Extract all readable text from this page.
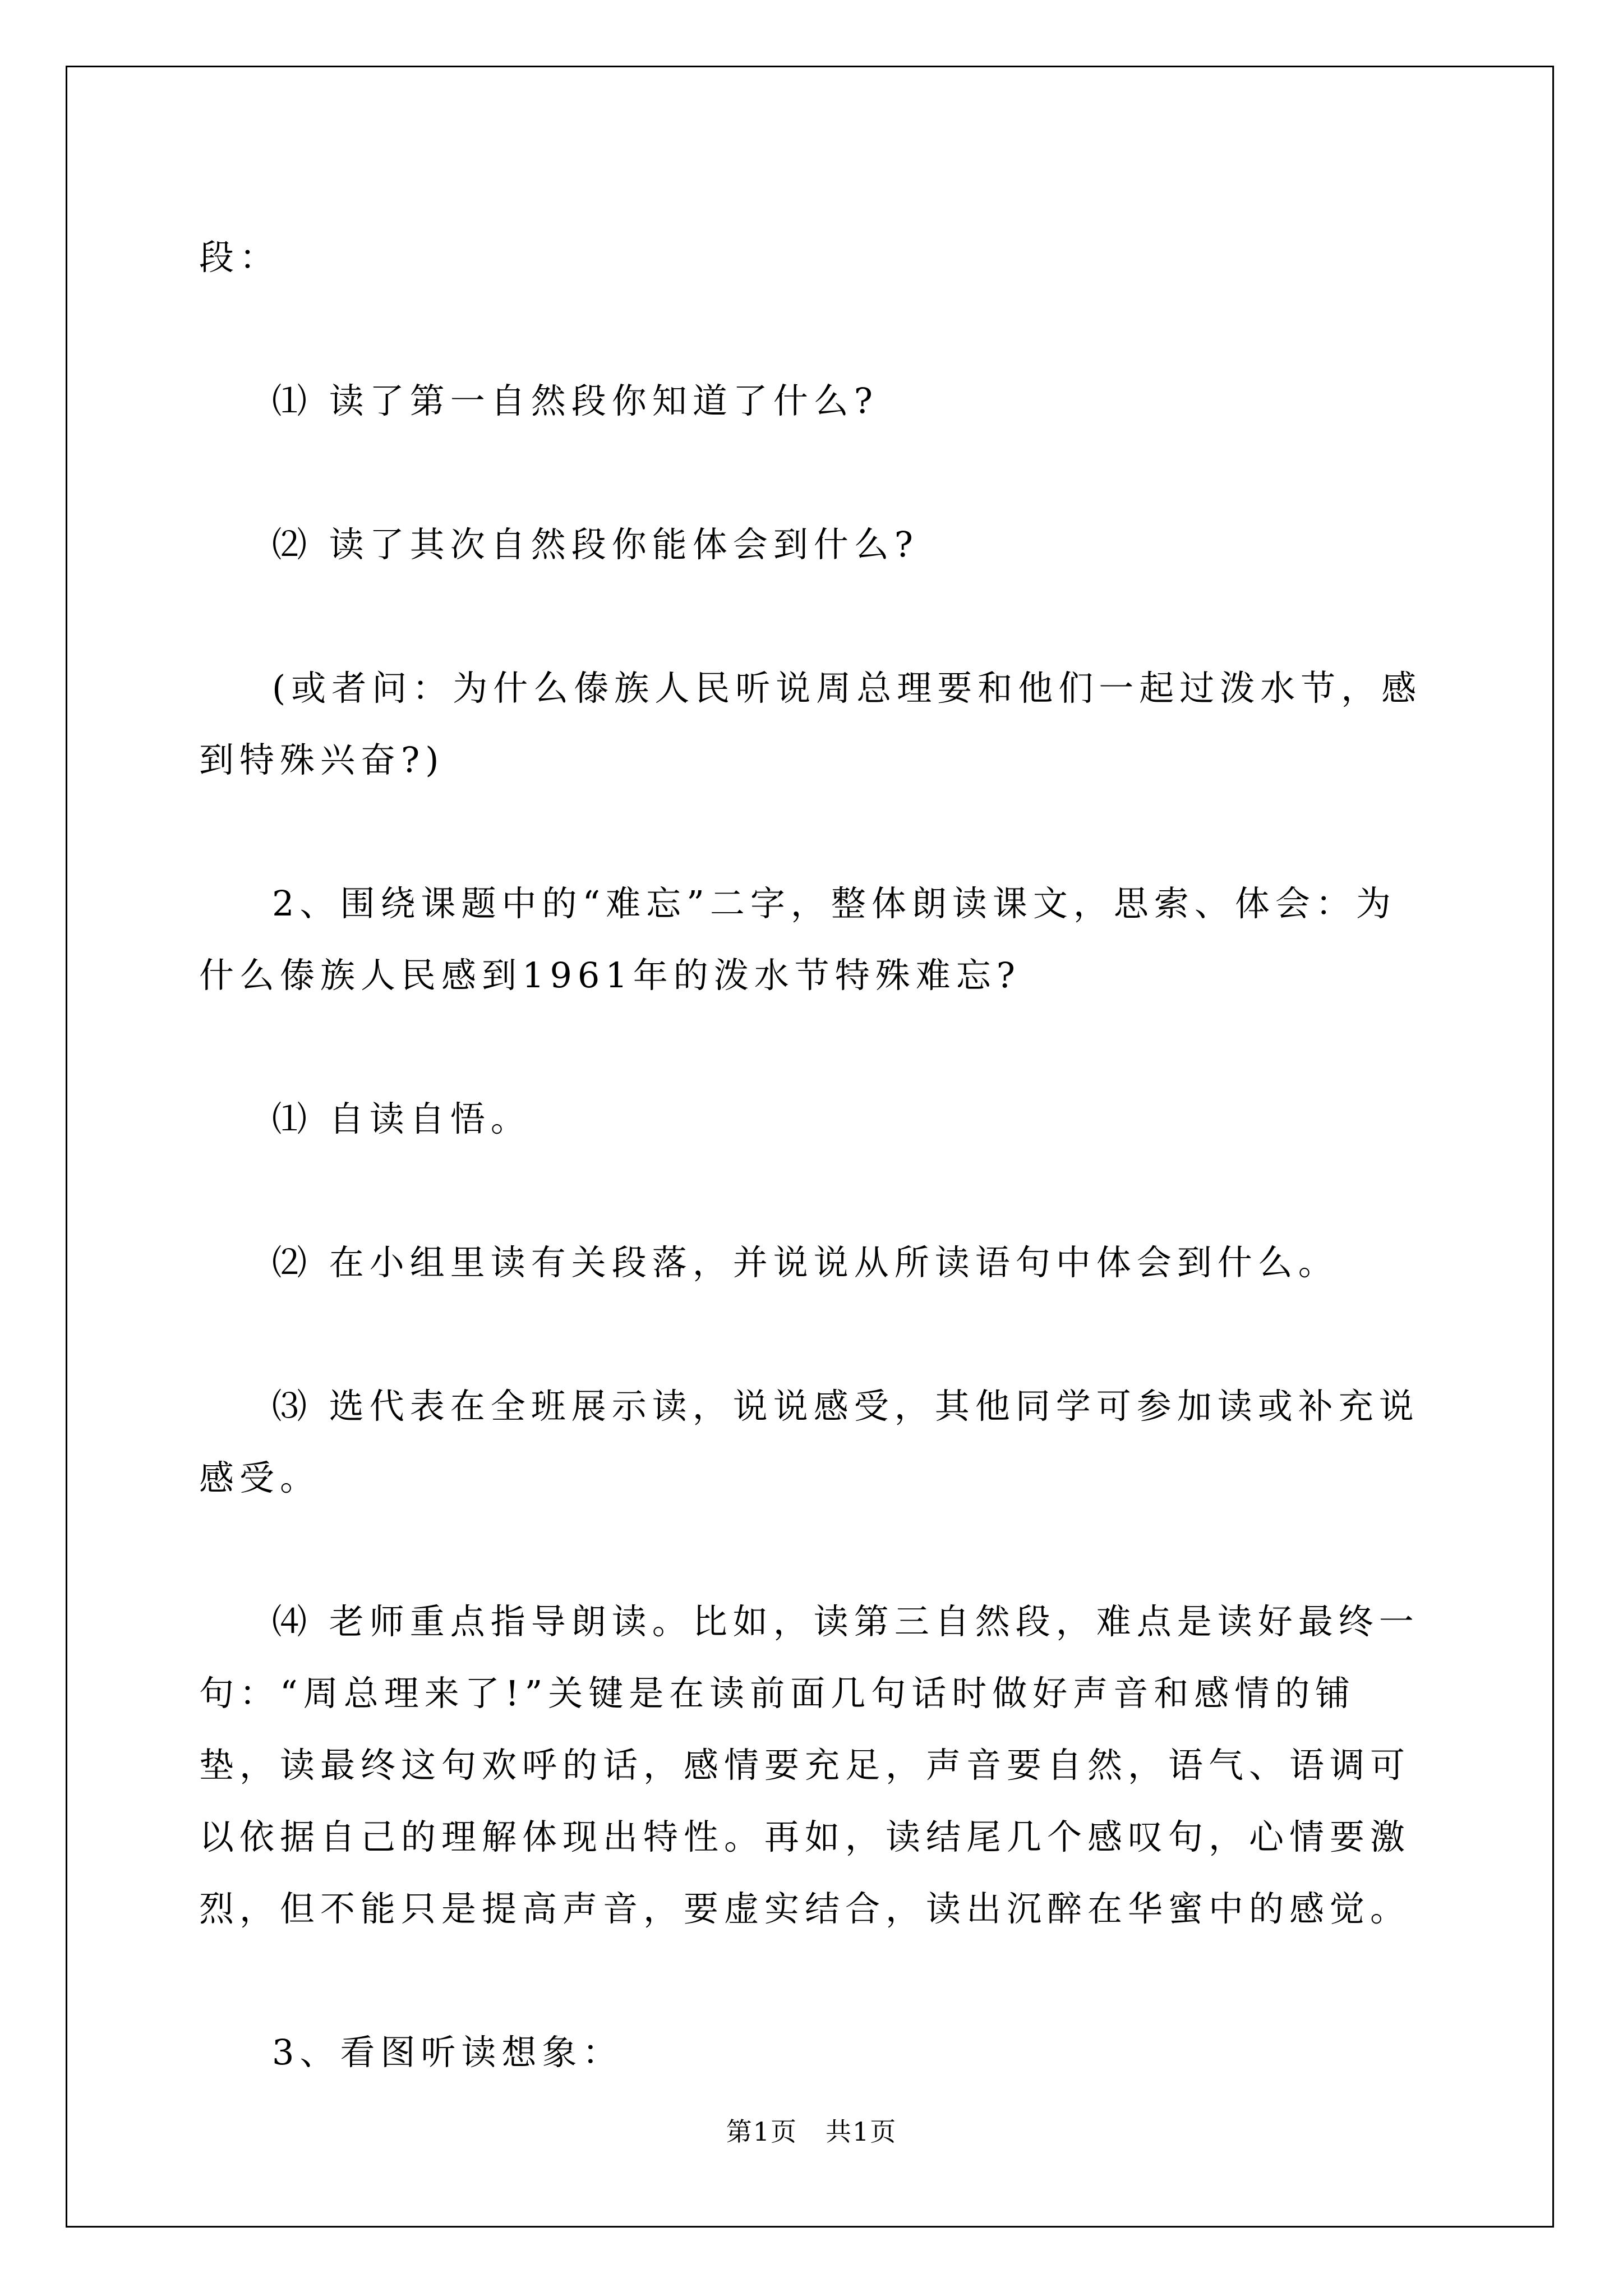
段：

⑴ 读了第一自然段你知道了什么?

⑵ 读了其次自然段你能体会到什么?

(或者问：为什么傣族人民听说周总理要和他们一起过泼水节，感到特殊兴奋?)

2、围绕课题中的“难忘”二字，整体朗读课文，思索、体会：为什么傣族人民感到1961年的泼水节特殊难忘?

⑴ 自读自悟。

⑵ 在小组里读有关段落，并说说从所读语句中体会到什么。

⑶ 选代表在全班展示读，说说感受，其他同学可参加读或补充说感受。

⑷ 老师重点指导朗读。比如，读第三自然段，难点是读好最终一句：“周总理来了!”关键是在读前面几句话时做好声音和感情的铺垫，读最终这句欢呼的话，感情要充足，声音要自然，语气、语调可以依据自己的理解体现出特性。再如，读结尾几个感叹句，心情要激烈，但不能只是提高声音，要虚实结合，读出沉醉在华蜜中的感觉。

3、看图听读想象：

第1页 共1页
